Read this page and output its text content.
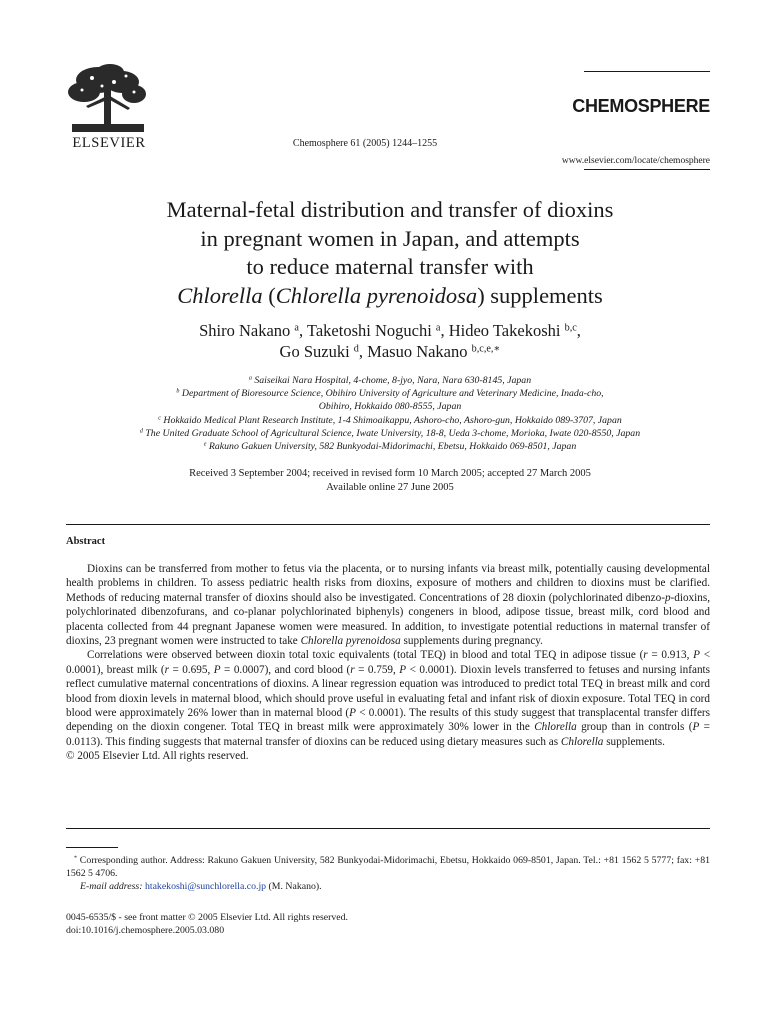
ELSEVIER	Chemosphere 61 (2005) 1244–1255
CHEMOSPHERE
www.elsevier.com/locate/chemosphere

Maternal-fetal distribution and transfer of dioxins

in pregnant women in Japan, and attempts

to reduce maternal transfer with

Chlorella (Chlorella pyrenoidosa) supplements

Shiro Nakano $^a$, Taketoshi Noguchi $^a$, Hideo Takekoshi $^{b,c}$,

Go Suzuki $^d$, Masuo Nakano $^{b,c,e,∗}$

$^a$ Saiseikai Nara Hospital, 4-chome, 8-jyo, Nara, Nara 630-8145, Japan

$^b$ Department of Bioresource Science, Obihiro University of Agriculture and Veterinary Medicine, Inada-cho,

Obihiro, Hokkaido 080-8555, Japan

$^c$ Hokkaido Medical Plant Research Institute, 1-4 Shimoaikappu, Ashoro-cho, Ashoro-gun, Hokkaido 089-3707, Japan

$^d$ The United Graduate School of Agricultural Science, Iwate University, 18-8, Ueda 3-chome, Morioka, Iwate 020-8550, Japan

$^e$ Rakuno Gakuen University, 582 Bunkyodai-Midorimachi, Ebetsu, Hokkaido 069-8501, Japan

Received 3 September 2004; received in revised form 10 March 2005; accepted 27 March 2005

Available online 27 June 2005

Abstract

Dioxins can be transferred from mother to fetus via the placenta, or to nursing infants via breast milk, potentially causing developmental health problems in children. To assess pediatric health risks from dioxins, exposure of mothers and children to dioxins must be clarified. Methods of reducing maternal transfer of dioxins should also be investigated. Concentrations of 28 dioxin (polychlorinated dibenzo-p-dioxins, polychlorinated dibenzofurans, and co-planar polychlorinated biphenyls) congeners in blood, adipose tissue, breast milk, cord blood and placenta collected from 44 pregnant Japanese women were measured. In addition, to investigate potential reductions in maternal transfer of dioxins, 23 pregnant women were instructed to take Chlorella pyrenoidosa supplements during pregnancy.

Correlations were observed between dioxin total toxic equivalents (total TEQ) in blood and total TEQ in adipose tissue (r = 0.913, P < 0.0001), breast milk (r = 0.695, P = 0.0007), and cord blood (r = 0.759, P < 0.0001). Dioxin levels transferred to fetuses and nursing infants reflect cumulative maternal concentrations of dioxins. A linear regression equation was introduced to predict total TEQ in breast milk and cord blood from dioxin levels in maternal blood, which should prove useful in evaluating fetal and infant risk of dioxin exposure. Total TEQ in cord blood were approximately 26% lower than in maternal blood (P < 0.0001). The results of this study suggest that transplacental transfer differs depending on the dioxin congener. Total TEQ in breast milk were approximately 30% lower in the Chlorella group than in controls (P = 0.0113). This finding suggests that maternal transfer of dioxins can be reduced using dietary measures such as Chlorella supplements.

© 2005 Elsevier Ltd. All rights reserved.

* Corresponding author. Address: Rakuno Gakuen University, 582 Bunkyodai-Midorimachi, Ebetsu, Hokkaido 069-8501, Japan. Tel.: +81 1562 5 5777; fax: +81 1562 5 4706.

E-mail address: htakekoshi@sunchlorella.co.jp (M. Nakano).

0045-6535/$ - see front matter © 2005 Elsevier Ltd. All rights reserved.

doi:10.1016/j.chemosphere.2005.03.080
